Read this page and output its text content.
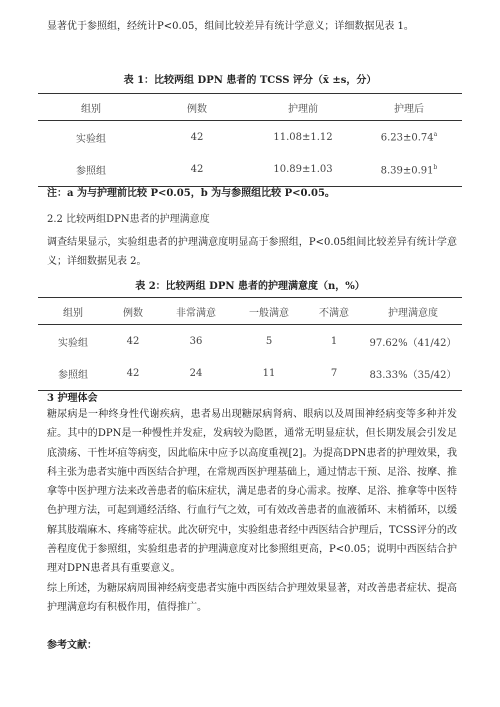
显著优于参照组，经统计P<0.05，组间比较差异有统计学意义；详细数据见表 1。

表 1：比较两组 DPN 患者的 TCSS 评分（x̄ ±s，分）
组别	例数	护理前	护理后
实验组	42	11.08±1.12	6.23±0.74$^a$
参照组	42	10.89±1.03	8.39±0.91$^b$
注：a 为与护理前比较 P<0.05，b 为与参照组比较 P<0.05。
2.2 比较两组DPN患者的护理满意度

调查结果显示，实验组患者的护理满意度明显高于参照组，P<0.05组间比较差异有统计学意义；详细数据见表 2。

表 2：比较两组 DPN 患者的护理满意度（n，%）
组别	例数	非常满意	一般满意	不满意	护理满意度
实验组	42	36	5	1	97.62%（41/42）
参照组	42	24	11	7	83.33%（35/42）
3 护理体会

糖尿病是一种终身性代谢疾病，患者易出现糖尿病肾病、眼病以及周围神经病变等多种并发症。其中的DPN是一种慢性并发症，发病较为隐匿，通常无明显症状，但长期发展会引发足底溃疡、干性坏疽等病变，因此临床中应予以高度重视[2]。为提高DPN患者的护理效果，我科主张为患者实施中西医结合护理，在常规西医护理基础上，通过情志干预、足浴、按摩、推拿等中医护理方法来改善患者的临床症状，满足患者的身心需求。按摩、足浴、推拿等中医特色护理方法，可起到通经活络、行血行气之效，可有效改善患者的血液循环、末梢循环，以缓解其肢端麻木、疼痛等症状。此次研究中，实验组患者经中西医结合护理后，TCSS评分的改善程度优于参照组，实验组患者的护理满意度对比参照组更高，P<0.05；说明中西医结合护理对DPN患者具有重要意义。

综上所述，为糖尿病周围神经病变患者实施中西医结合护理效果显著，对改善患者症状、提高护理满意均有积极作用，值得推广。

参考文献：
